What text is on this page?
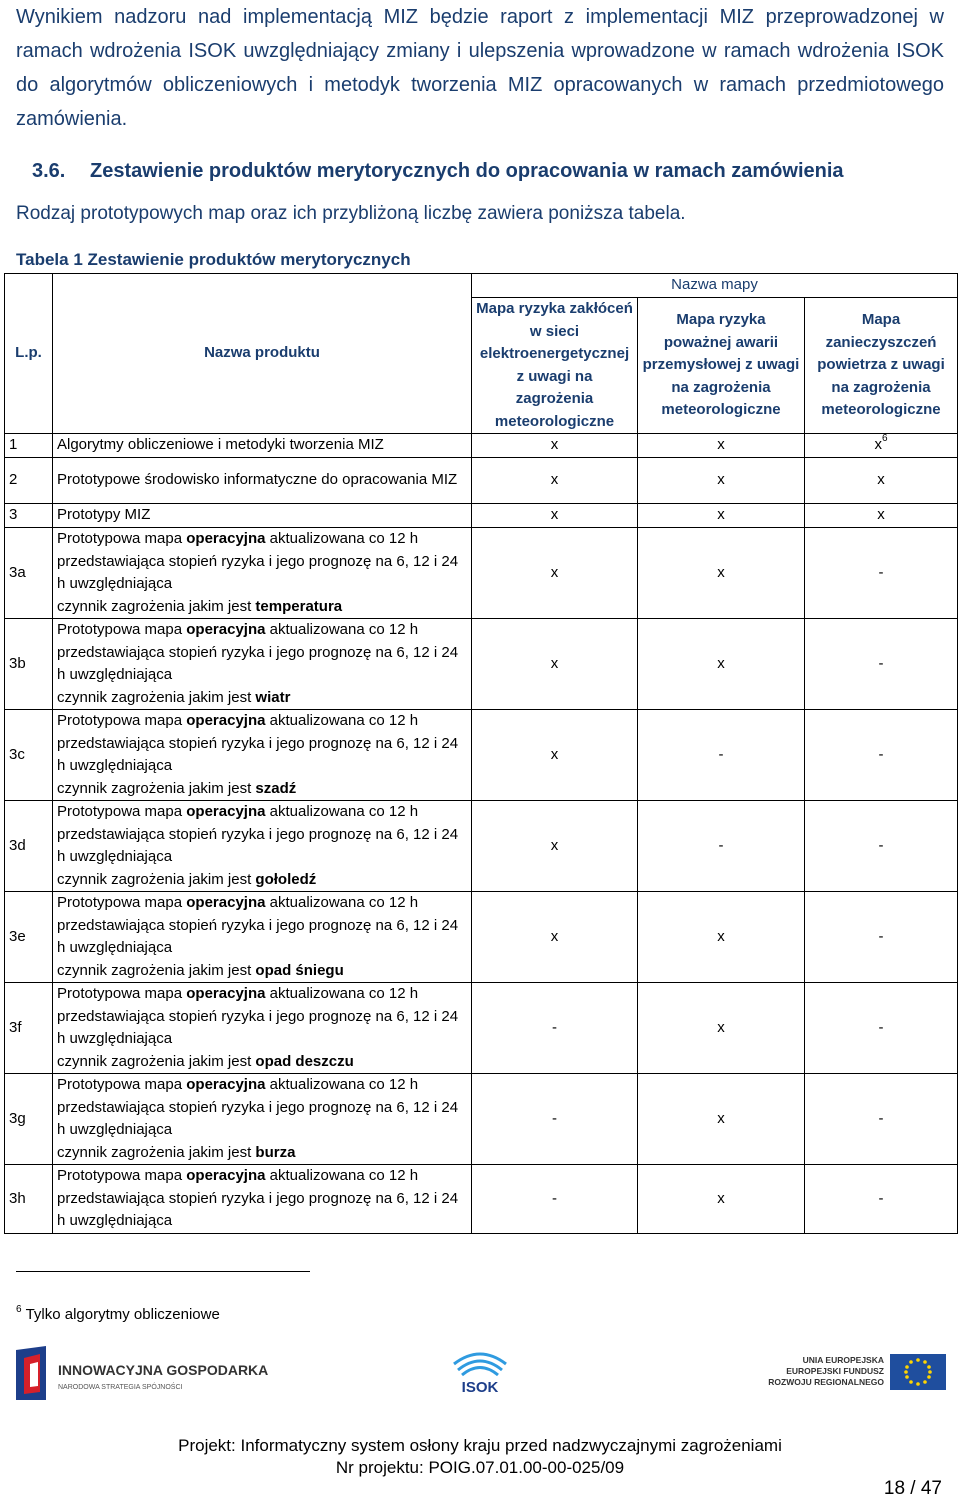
Wynikiem nadzoru nad implementacją MIZ będzie raport z implementacji MIZ przeprowadzonej w ramach wdrożenia ISOK uwzględniający zmiany i ulepszenia wprowadzone w ramach wdrożenia ISOK do algorytmów obliczeniowych i metodyk tworzenia MIZ opracowanych w ramach przedmiotowego zamówienia.
3.6. Zestawienie produktów merytorycznych do opracowania w ramach zamówienia
Rodzaj prototypowych map oraz ich przybliżoną liczbę zawiera poniższa tabela.
Tabela 1 Zestawienie produktów merytorycznych
L.p.	Nazwa produktu	Nazwa mapy		
		Mapa ryzyka zakłóceń w sieci elektroenergetycznej z uwagi na zagrożenia meteorologiczne	Mapa ryzyka poważnej awarii przemysłowej z uwagi na zagrożenia meteorologiczne	Mapa zanieczyszczeń powietrza z uwagi na zagrożenia meteorologiczne
1	Algorytmy obliczeniowe i metodyki tworzenia MIZ	x	x	$x^6$
2	Prototypowe środowisko informatyczne do opracowania MIZ	x	x	x
3	Prototypy MIZ	x	x	x
3a	Prototypowa mapa operacyjna aktualizowana co 12 h przedstawiająca stopień ryzyka i jego prognozę na 6, 12 i 24 h uwzględniająca
czynnik zagrożenia jakim jest temperatura	x	x	-
3b	Prototypowa mapa operacyjna aktualizowana co 12 h przedstawiająca stopień ryzyka i jego prognozę na 6, 12 i 24 h uwzględniająca
czynnik zagrożenia jakim jest wiatr	x	x	-
3c	Prototypowa mapa operacyjna aktualizowana co 12 h przedstawiająca stopień ryzyka i jego prognozę na 6, 12 i 24 h uwzględniająca
czynnik zagrożenia jakim jest szadź	x	-	-
3d	Prototypowa mapa operacyjna aktualizowana co 12 h przedstawiająca stopień ryzyka i jego prognozę na 6, 12 i 24 h uwzględniająca
czynnik zagrożenia jakim jest gołoledź	x	-	-
3e	Prototypowa mapa operacyjna aktualizowana co 12 h przedstawiająca stopień ryzyka i jego prognozę na 6, 12 i 24 h uwzględniająca
czynnik zagrożenia jakim jest opad śniegu	x	x	-
3f	Prototypowa mapa operacyjna aktualizowana co 12 h przedstawiająca stopień ryzyka i jego prognozę na 6, 12 i 24 h uwzględniająca
czynnik zagrożenia jakim jest opad deszczu	-	x	-
3g	Prototypowa mapa operacyjna aktualizowana co 12 h przedstawiająca stopień ryzyka i jego prognozę na 6, 12 i 24 h uwzględniająca
czynnik zagrożenia jakim jest burza	-	x	-
3h	Prototypowa mapa operacyjna aktualizowana co 12 h przedstawiająca stopień ryzyka i jego prognozę na 6, 12 i 24 h uwzględniająca	-	x	-
$^6$ Tylko algorytmy obliczeniowe
INNOWACYJNA GOSPODARKA
NARODOWA STRATEGIA SPÓJNOŚCI	ISOK
UNIA EUROPEJSKA
EUROPEJSKI FUNDUSZ
ROZWOJU REGIONALNEGO
Projekt: Informatyczny system osłony kraju przed nadzwyczajnymi zagrożeniami
Nr projektu: POIG.07.01.00-00-025/09
18 / 47
